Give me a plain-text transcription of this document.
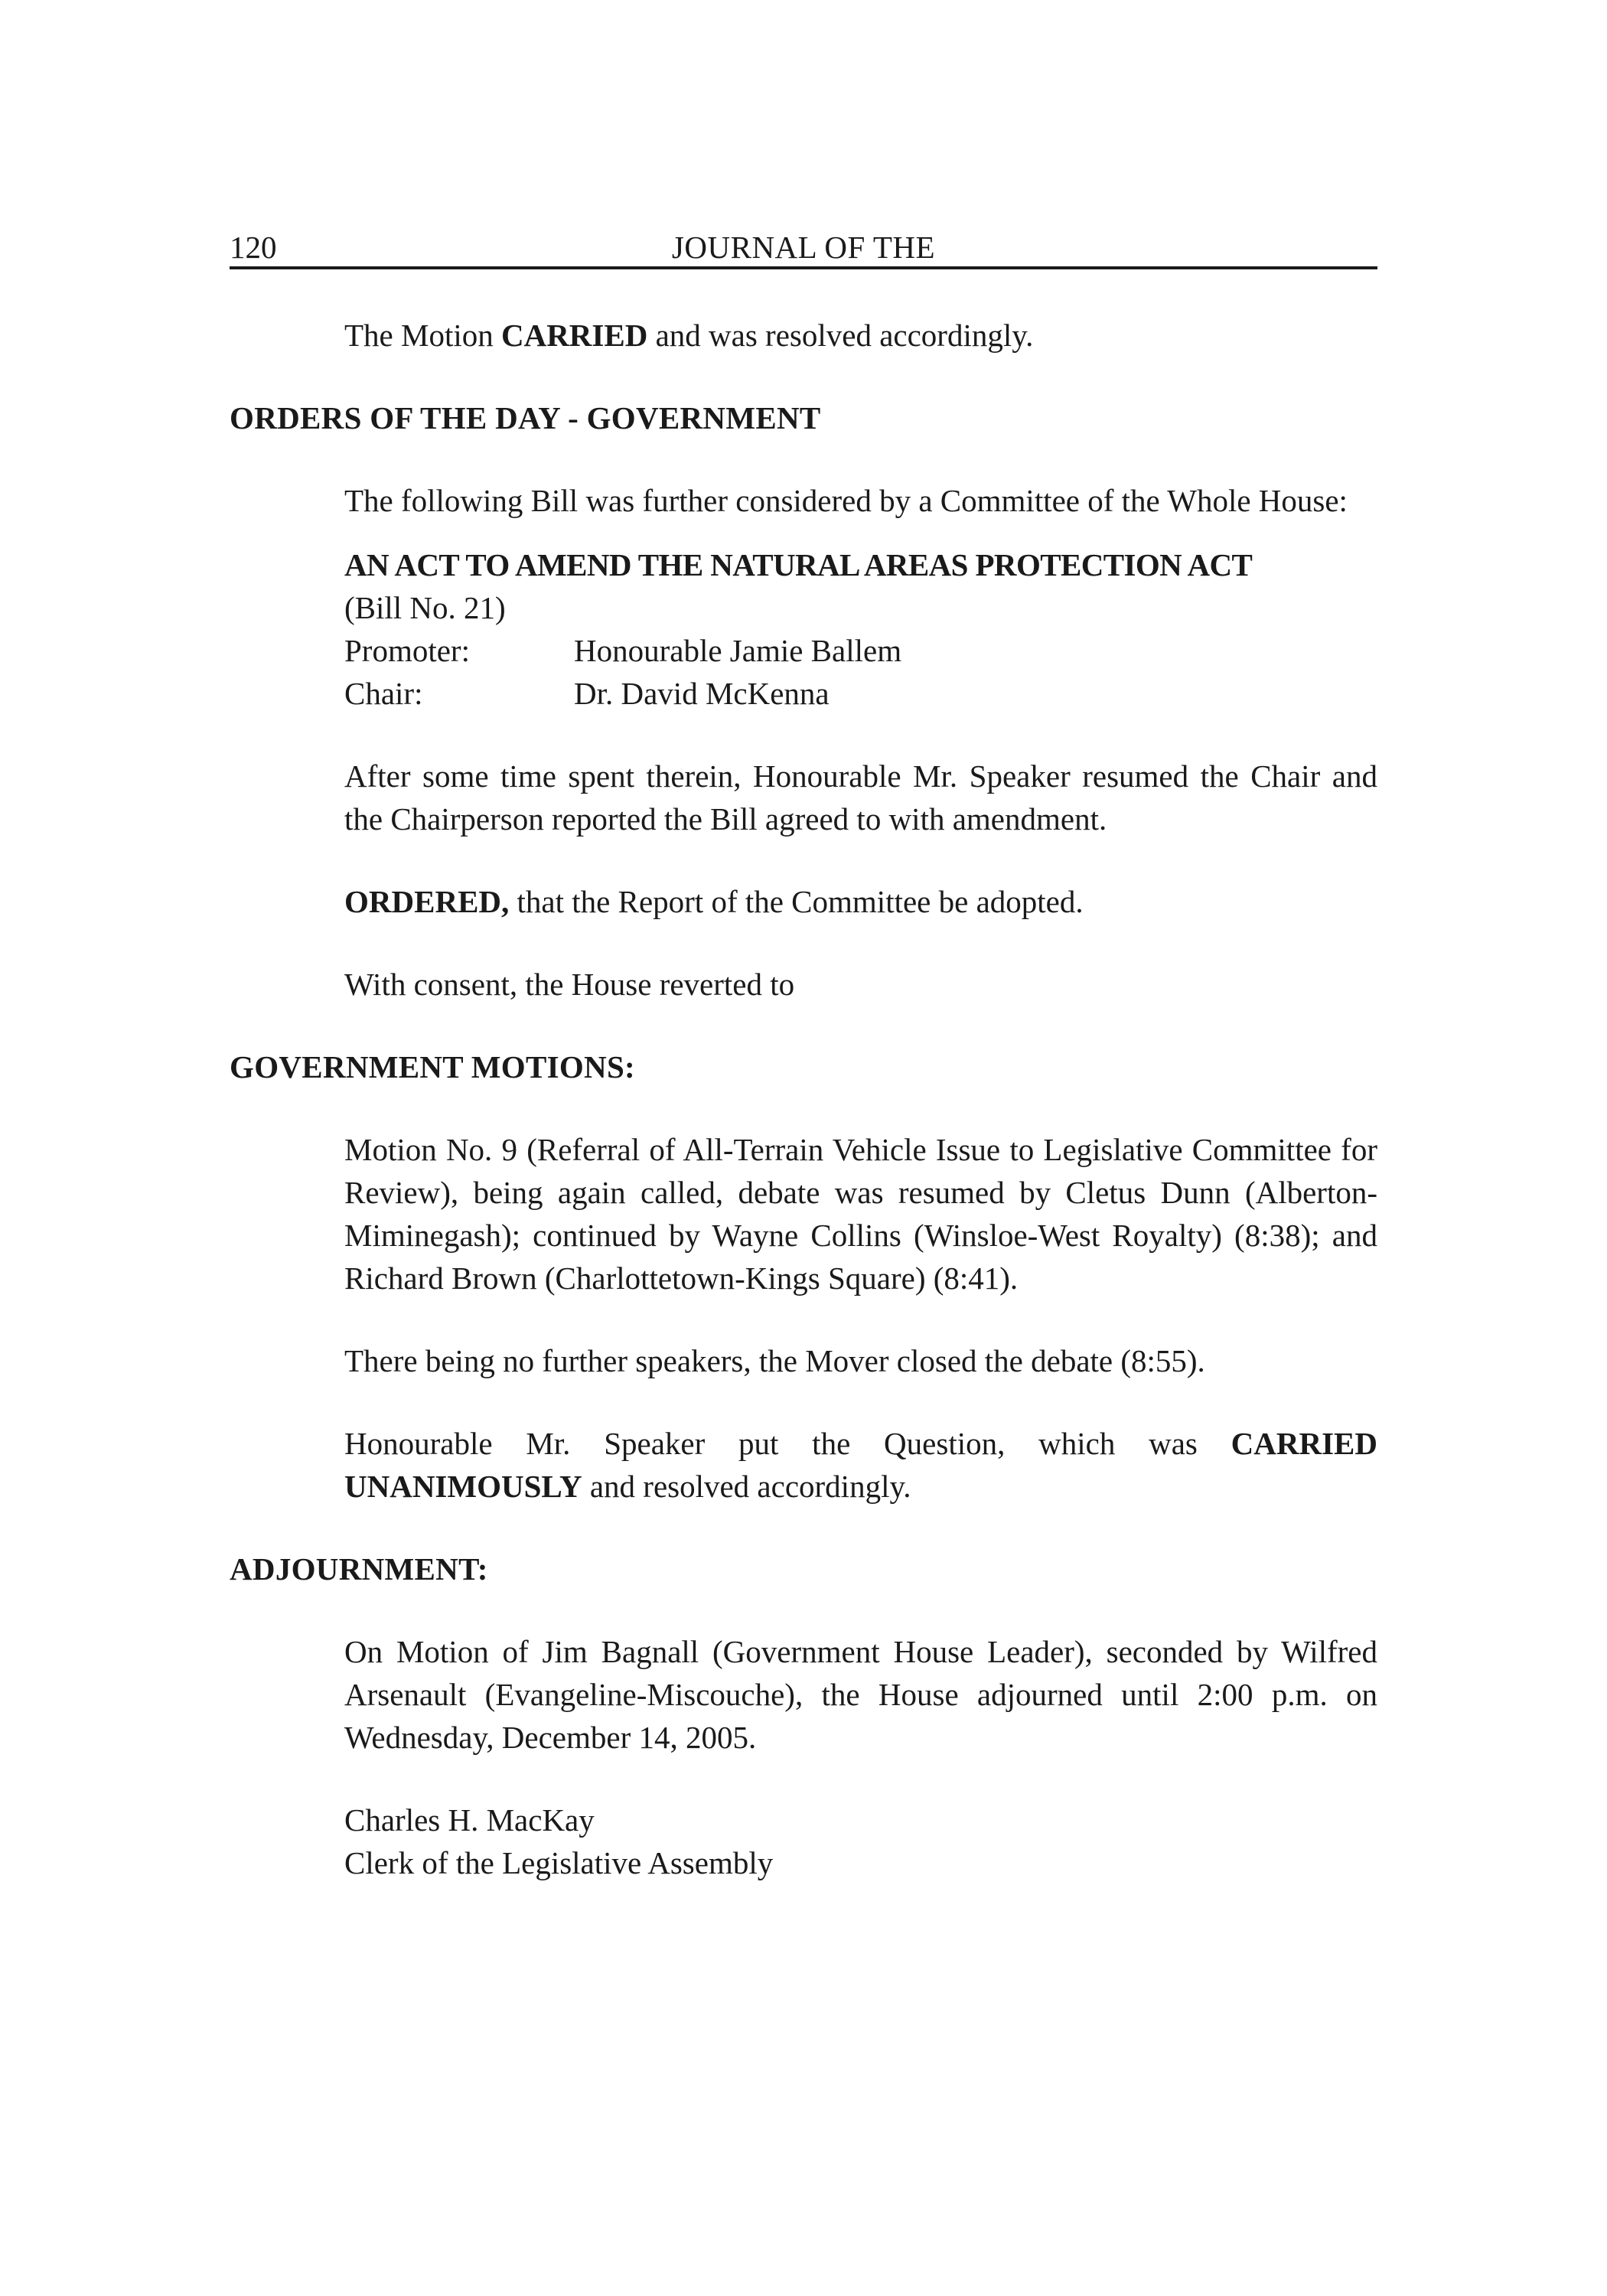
120	JOURNAL OF THE

The Motion CARRIED and was resolved accordingly.

ORDERS OF THE DAY - GOVERNMENT

The following Bill was further considered by a Committee of the Whole House:

AN ACT TO AMEND THE NATURAL AREAS PROTECTION ACT
(Bill No. 21)
Promoter:	Honourable Jamie Ballem
Chair:	Dr. David McKenna

After some time spent therein, Honourable Mr. Speaker resumed the Chair and the Chairperson reported the Bill agreed to with amendment.

ORDERED, that the Report of the Committee be adopted.

With consent, the House reverted to

GOVERNMENT MOTIONS:

Motion No. 9 (Referral of All-Terrain Vehicle Issue to Legislative Committee for Review), being again called, debate was resumed by Cletus Dunn (Alberton-Miminegash); continued by Wayne Collins (Winsloe-West Royalty) (8:38); and Richard Brown (Charlottetown-Kings Square) (8:41).

There being no further speakers, the Mover closed the debate (8:55).

Honourable Mr. Speaker put the Question, which was CARRIED UNANIMOUSLY and resolved accordingly.

ADJOURNMENT:

On Motion of Jim Bagnall (Government House Leader), seconded by Wilfred Arsenault (Evangeline-Miscouche), the House adjourned until 2:00 p.m. on Wednesday, December 14, 2005.

Charles H. MacKay
Clerk of the Legislative Assembly
